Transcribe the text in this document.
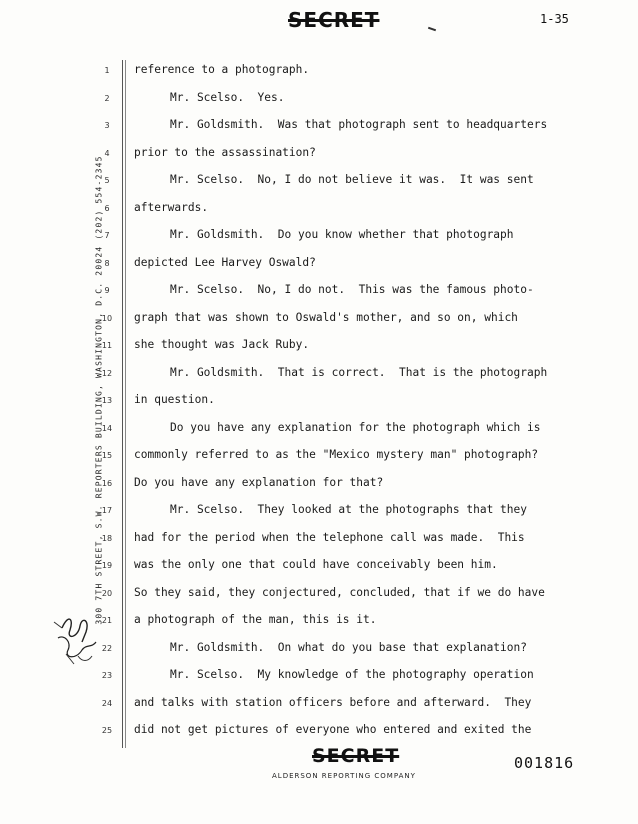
SECRET	1-35
300 7TH STREET, S.W. REPORTERS BUILDING, WASHINGTON, D.C. 20024 (202) 554-2345
1
2
3
4
5
6
7
8
9
10
11
12
13
14
15
16
17
18
19
20
21
22
23
24
25
reference to a photograph.
Mr. Scelso.  Yes.
Mr. Goldsmith.  Was that photograph sent to headquarters
prior to the assassination?
Mr. Scelso.  No, I do not believe it was.  It was sent
afterwards.
Mr. Goldsmith.  Do you know whether that photograph
depicted Lee Harvey Oswald?
Mr. Scelso.  No, I do not.  This was the famous photo-
graph that was shown to Oswald's mother, and so on, which
she thought was Jack Ruby.
Mr. Goldsmith.  That is correct.  That is the photograph
in question.
Do you have any explanation for the photograph which is
commonly referred to as the "Mexico mystery man" photograph?
Do you have any explanation for that?
Mr. Scelso.  They looked at the photographs that they
had for the period when the telephone call was made.  This
was the only one that could have conceivably been him.
So they said, they conjectured, concluded, that if we do have
a photograph of the man, this is it.
Mr. Goldsmith.  On what do you base that explanation?
Mr. Scelso.  My knowledge of the photography operation
and talks with station officers before and afterward.  They
did not get pictures of everyone who entered and exited the
SECRET
ALDERSON REPORTING COMPANY
001816
